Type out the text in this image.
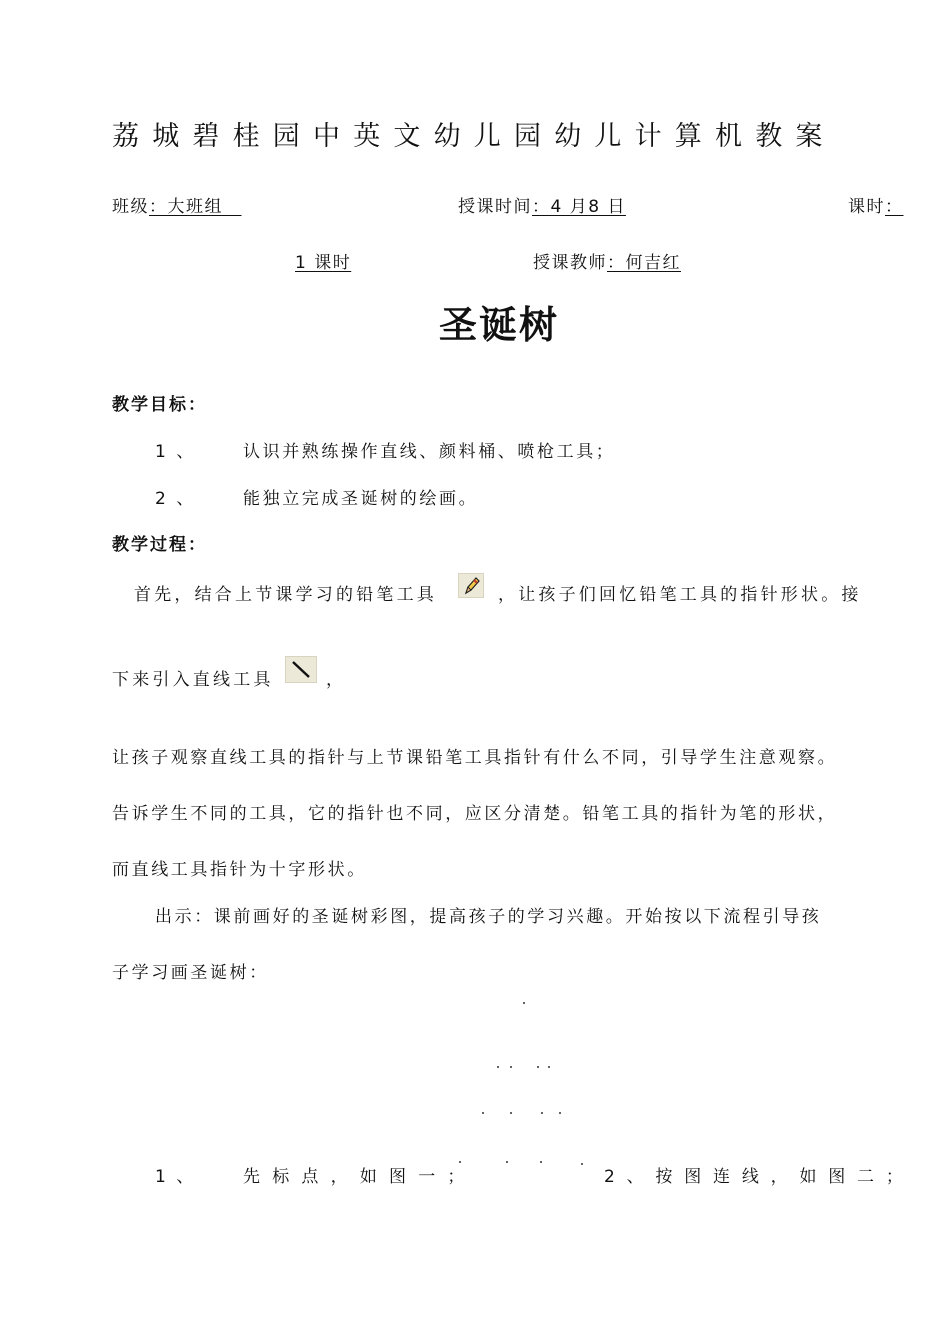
荔城碧桂园中英文幼儿园幼儿计算机教案
班级：大班组　	授课时间：4 月8 日	课时：
1 课时	授课教师：何吉红
圣诞树
教学目标：
1 、	认识并熟练操作直线、颜料桶、喷枪工具；
2 、	能独立完成圣诞树的绘画。
教学过程：
首先，结合上节课学习的铅笔工具	，让孩子们回忆铅笔工具的指针形状。接
下来引入直线工具	，
让孩子观察直线工具的指针与上节课铅笔工具指针有什么不同，引导学生注意观察。
告诉学生不同的工具，它的指针也不同，应区分清楚。铅笔工具的指针为笔的形状，
而直线工具指针为十字形状。
出示：课前画好的圣诞树彩图，提高孩子的学习兴趣。开始按以下流程引导孩
子学习画圣诞树：
1 、	先 标 点 ， 如 图 一 ；	2 、 按 图 连 线 ， 如 图 二 ；
